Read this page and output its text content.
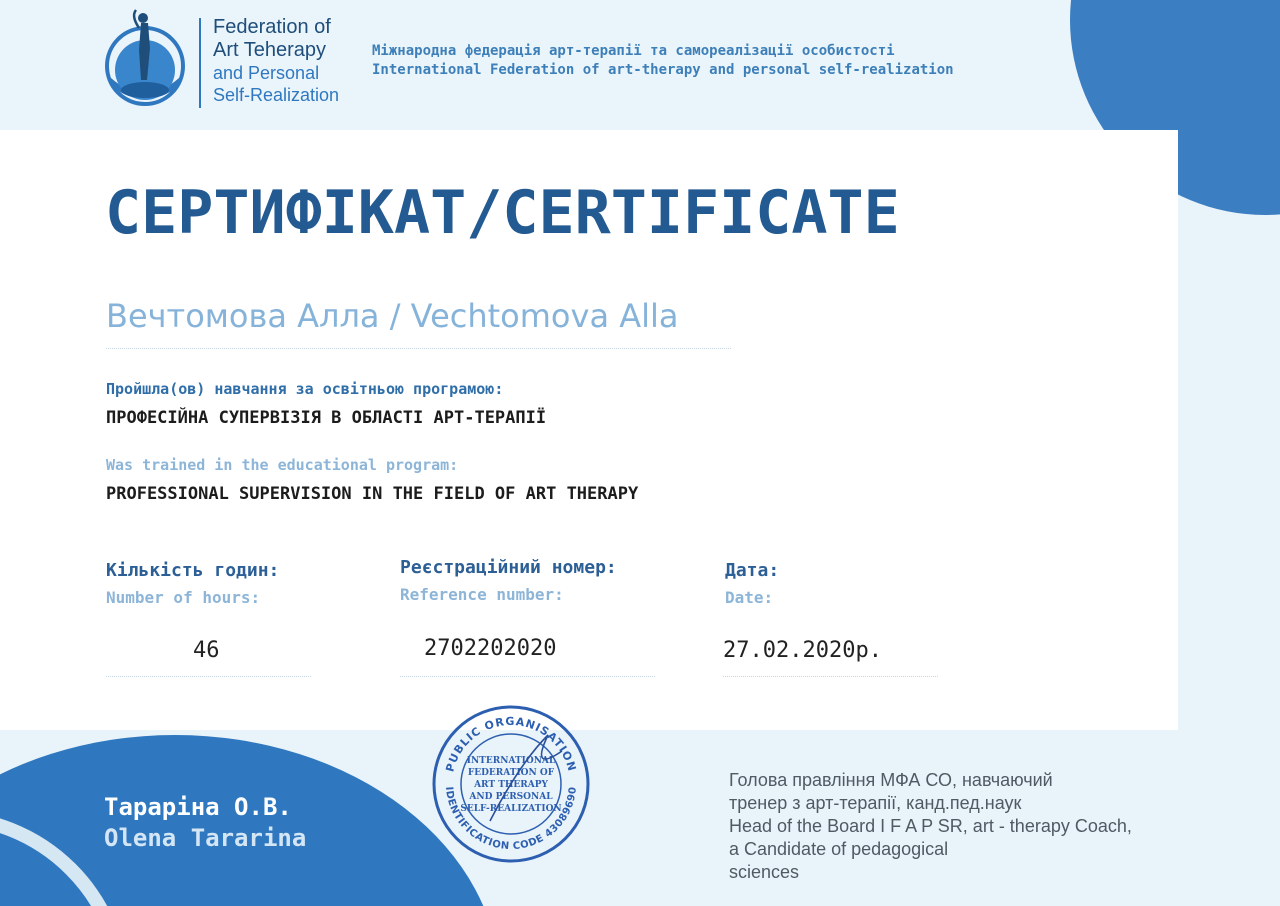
Federation of
Art Teherapy
and Personal
Self-Realization
Міжнародна федерація арт-терапії та самореалізації особистості
International Federation of art-therapy and personal self-realization
СЕРТИФІКАТ/CERTIFICATE
Вечтомова Алла / Vechtomova Alla
Пройшла(ов) навчання за освітньою програмою:
ПРОФЕСІЙНА СУПЕРВІЗІЯ В ОБЛАСТІ АРТ-ТЕРАПІЇ
Was trained in the educational program:
PROFESSIONAL SUPERVISION IN THE FIELD OF ART THERAPY
Кількість годин:
Number of hours:
Реєстраційний номер:
Reference number:
Дата:
Date:
46	2702202020	27.02.2020р.
PUBLIC ORGANISATION
IDENTIFICATION CODE 43089690
INTERNATIONAL
FEDERATION OF
ART THERAPY
AND PERSONAL
SELF-REALIZATION
Тараріна О.В.
Olena Tararina
Голова правління МФА СО, навчаючий
тренер з арт-терапії, канд.пед.наук
Head of the Board I F A P SR, art - therapy Coach,
a Candidate of pedagogical
sciences
